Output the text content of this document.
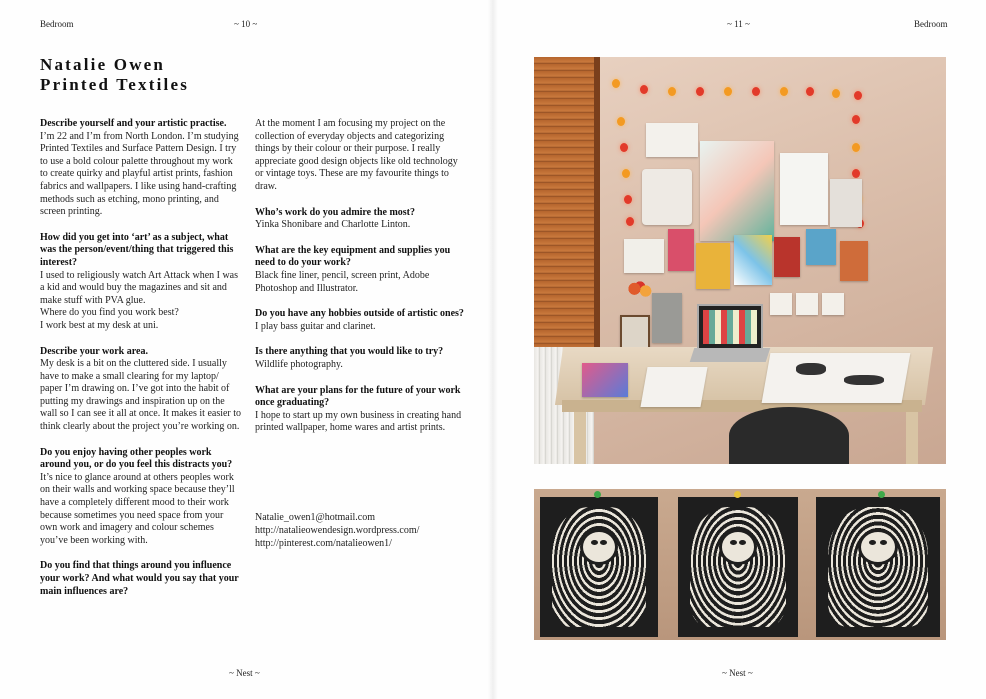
Bedroom	~ 10 ~	~ 11 ~	Bedroom
Natalie Owen
Printed Textiles

Describe yourself and your artistic practise.

I’m 22 and I’m from North London. I’m studying Printed Textiles and Surface Pattern Design. I try to use a bold colour palette throughout my work to create quirky and playful artist prints, fashion fabrics and wallpapers. I like using hand-crafting methods such as etching, mono printing, and screen printing.

How did you get into ‘art’ as a subject, what was the person/event/thing that triggered this interest?

I used to religiously watch Art Attack when I was a kid and would buy the magazines and sit and make stuff with PVA glue.

Where do you find you work best?

I work best at my desk at uni.

Describe your work area.

My desk is a bit on the cluttered side. I usually have to make a small clearing for my laptop/ paper I’m drawing on. I’ve got into the habit of putting my drawings and inspiration up on the wall so I can see it all at once. It makes it easier to think clearly about the project you’re working on.

Do you enjoy having other peoples work around you, or do you feel this distracts you?

It’s nice to glance around at others peoples work on their walls and working space because they’ll have a completely different mood to their work because sometimes you need space from your own work and imagery and colour schemes you’ve been working with.

Do you find that things around you influence your work? And what would you say that your main influences are?

At the moment I am focusing my project on the collection of everyday objects and categorizing things by their colour or their purpose. I really appreciate good design objects like old technology or vintage toys. These are my favourite things to draw.

Who’s work do you admire the most?

Yinka Shonibare and Charlotte Linton.

What are the key equipment and supplies you need to do your work?

Black fine liner, pencil, screen print, Adobe Photoshop and Illustrator.

Do you have any hobbies outside of artistic ones?

I play bass guitar and clarinet.

Is there anything that you would like to try?

Wildlife photography.

What are your plans for the future of your work once graduating?

I hope to start up my own business in creating hand printed wallpaper, home wares and artist prints.

Natalie_owen1@hotmail.com
http://natalieowendesign.wordpress.com/
http://pinterest.com/natalieowen1/
~ Nest ~	~ Nest ~
